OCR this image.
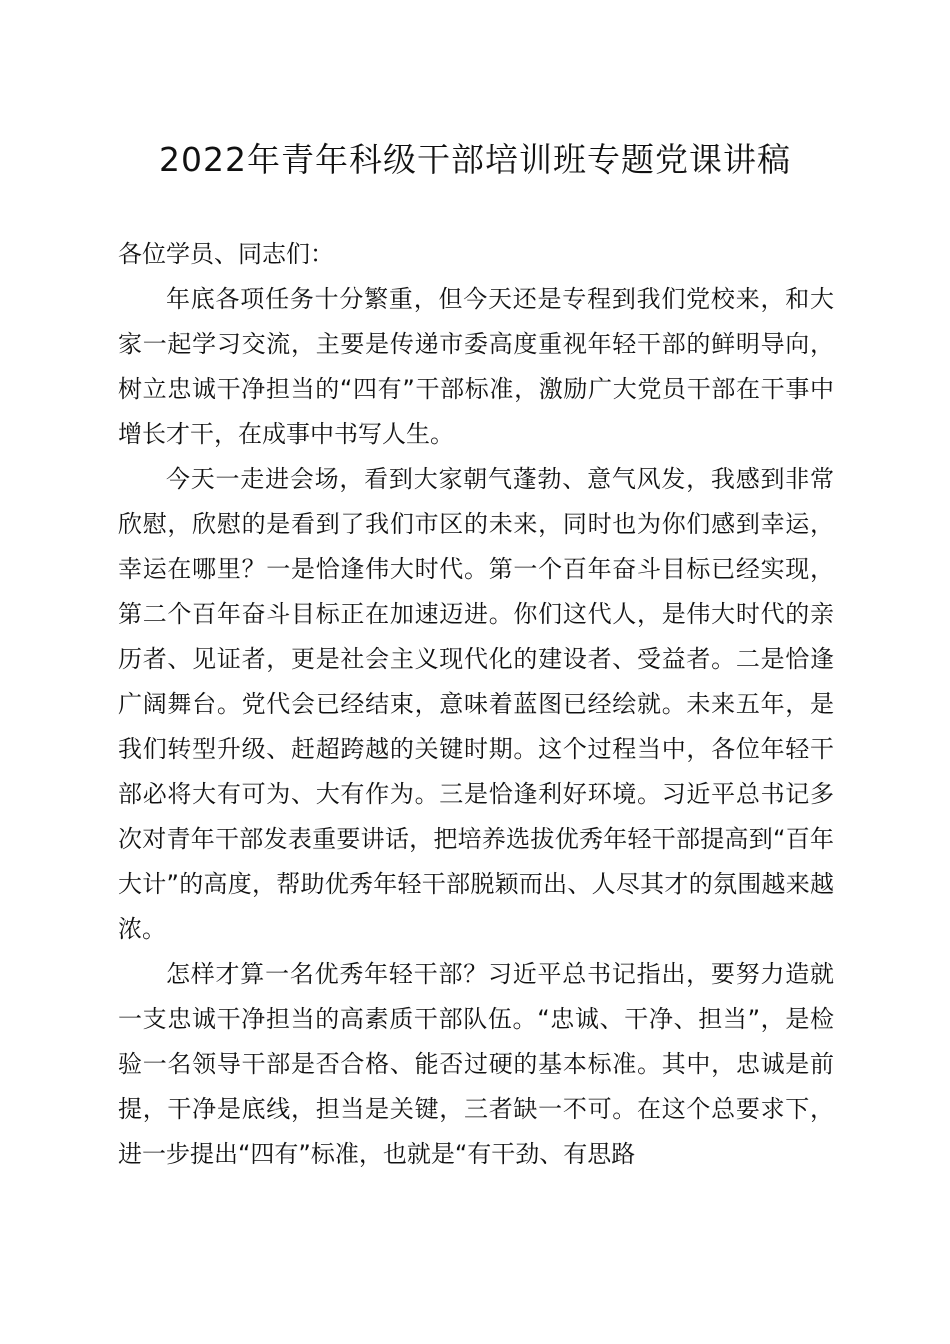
2022年青年科级干部培训班专题党课讲稿

各位学员、同志们：

年底各项任务十分繁重，但今天还是专程到我们党校来，和大家一起学习交流，主要是传递市委高度重视年轻干部的鲜明导向，树立忠诚干净担当的“四有”干部标准，激励广大党员干部在干事中增长才干，在成事中书写人生。

今天一走进会场，看到大家朝气蓬勃、意气风发，我感到非常欣慰，欣慰的是看到了我们市区的未来，同时也为你们感到幸运，幸运在哪里？一是恰逢伟大时代。第一个百年奋斗目标已经实现，第二个百年奋斗目标正在加速迈进。你们这代人，是伟大时代的亲历者、见证者，更是社会主义现代化的建设者、受益者。二是恰逢广阔舞台。党代会已经结束，意味着蓝图已经绘就。未来五年，是我们转型升级、赶超跨越的关键时期。这个过程当中，各位年轻干部必将大有可为、大有作为。三是恰逢利好环境。习近平总书记多次对青年干部发表重要讲话，把培养选拔优秀年轻干部提高到“百年大计”的高度，帮助优秀年轻干部脱颖而出、人尽其才的氛围越来越浓。

怎样才算一名优秀年轻干部？习近平总书记指出，要努力造就一支忠诚干净担当的高素质干部队伍。“忠诚、干净、担当”，是检验一名领导干部是否合格、能否过硬的基本标准。其中，忠诚是前提，干净是底线，担当是关键，三者缺一不可。在这个总要求下，进一步提出“四有”标准，也就是“有干劲、有思路
